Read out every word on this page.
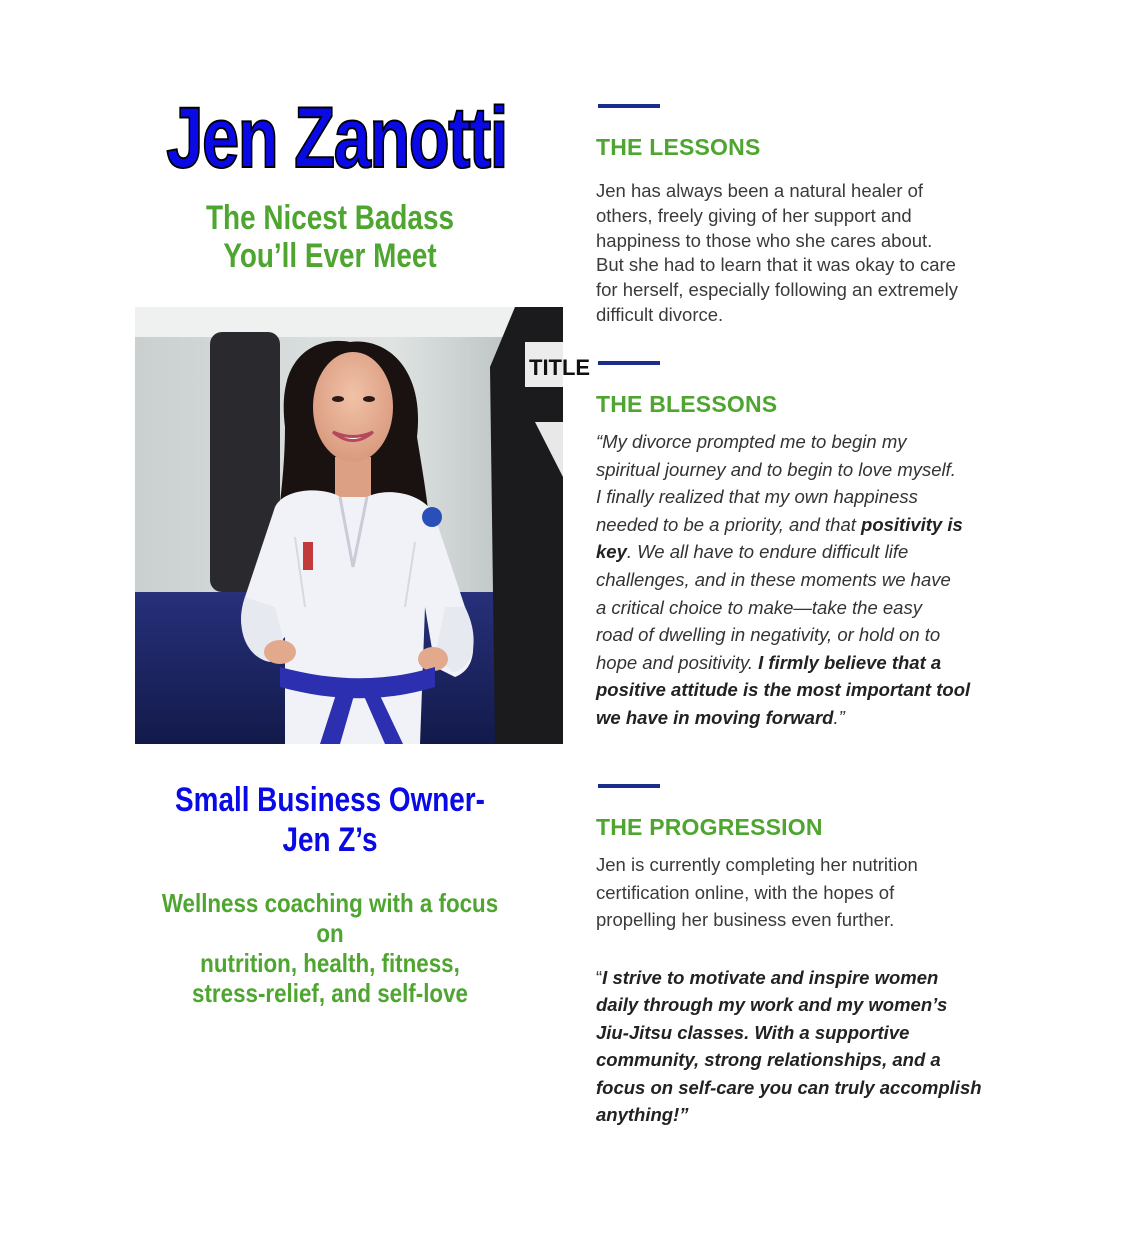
Jen Zanotti
The Nicest Badass
You’ll Ever Meet
TITLE
Small Business Owner-
Jen Z’s
Wellness coaching with a focus on
nutrition, health, fitness,
stress-relief, and self-love
THE LESSONS
Jen has always been a natural healer of
others, freely giving of her support and
happiness to those who she cares about.
But she had to learn that it was okay to care
for herself, especially following an extremely
difficult divorce.
THE BLESSONS
“My divorce prompted me to begin my
spiritual journey and to begin to love myself.
I finally realized that my own happiness
needed to be a priority, and that positivity is
key. We all have to endure difficult life
challenges, and in these moments we have
a critical choice to make—take the easy
road of dwelling in negativity, or hold on to
hope and positivity. I firmly believe that a
positive attitude is the most important tool
we have in moving forward.”
THE PROGRESSION
Jen is currently completing her nutrition
certification online, with the hopes of
propelling her business even further.
“I strive to motivate and inspire women
daily through my work and my women’s
Jiu-Jitsu classes. With a supportive
community, strong relationships, and a
focus on self-care you can truly accomplish
anything!”
